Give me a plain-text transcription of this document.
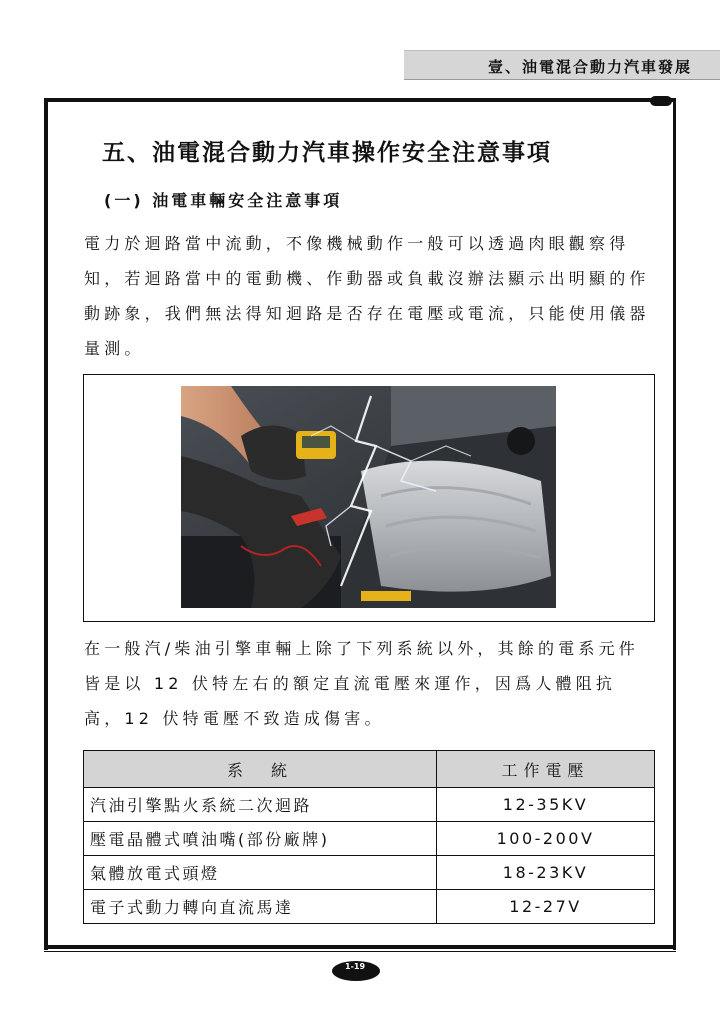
壹、油電混合動力汽車發展
五、油電混合動力汽車操作安全注意事項
(一) 油電車輛安全注意事項

電力於迴路當中流動，不像機械動作一般可以透過肉眼觀察得知，若迴路當中的電動機、作動器或負載沒辦法顯示出明顯的作動跡象，我們無法得知迴路是否存在電壓或電流，只能使用儀器量測。

在一般汽/柴油引擎車輛上除了下列系統以外，其餘的電系元件皆是以 12 伏特左右的額定直流電壓來運作，因爲人體阻抗高，12 伏特電壓不致造成傷害。

系　統	工作電壓
汽油引擎點火系統二次迴路	12-35KV
壓電晶體式噴油嘴(部份廠牌)	100-200V
氣體放電式頭燈	18-23KV
電子式動力轉向直流馬達	12-27V
1-19
